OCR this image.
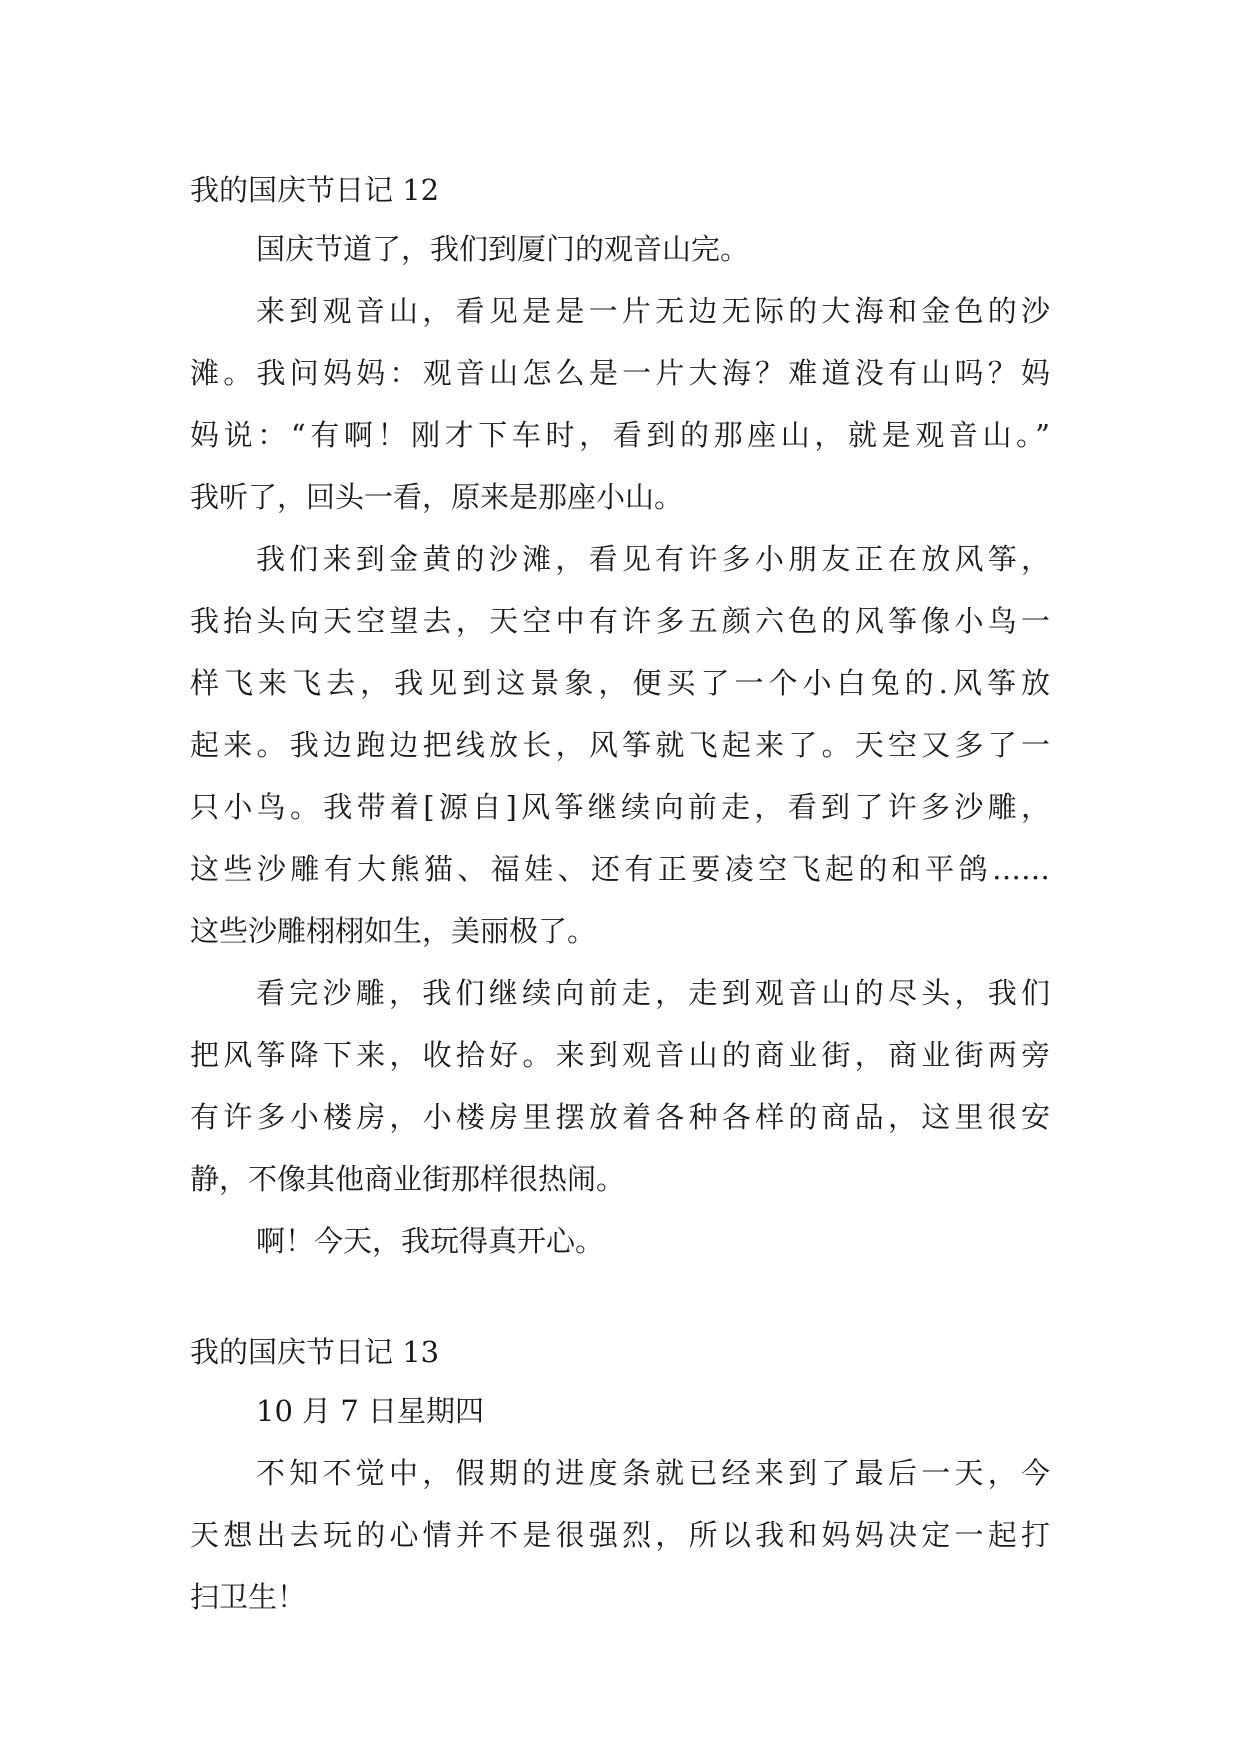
我的国庆节日记 12

国庆节道了，我们到厦门的观音山完。

来到观音山，看见是是一片无边无际的大海和金色的沙

滩。我问妈妈：观音山怎么是一片大海？难道没有山吗？妈

妈说：“有啊！刚才下车时，看到的那座山，就是观音山。”

我听了，回头一看，原来是那座小山。

我们来到金黄的沙滩，看见有许多小朋友正在放风筝，

我抬头向天空望去，天空中有许多五颜六色的风筝像小鸟一

样飞来飞去，我见到这景象，便买了一个小白兔的.风筝放

起来。我边跑边把线放长，风筝就飞起来了。天空又多了一

只小鸟。我带着[源自]风筝继续向前走，看到了许多沙雕，

这些沙雕有大熊猫、福娃、还有正要凌空飞起的和平鸽……

这些沙雕栩栩如生，美丽极了。

看完沙雕，我们继续向前走，走到观音山的尽头，我们

把风筝降下来，收拾好。来到观音山的商业街，商业街两旁

有许多小楼房，小楼房里摆放着各种各样的商品，这里很安

静，不像其他商业街那样很热闹。

啊！今天，我玩得真开心。

我的国庆节日记 13

10 月 7 日星期四

不知不觉中，假期的进度条就已经来到了最后一天，今

天想出去玩的心情并不是很强烈，所以我和妈妈决定一起打

扫卫生！
